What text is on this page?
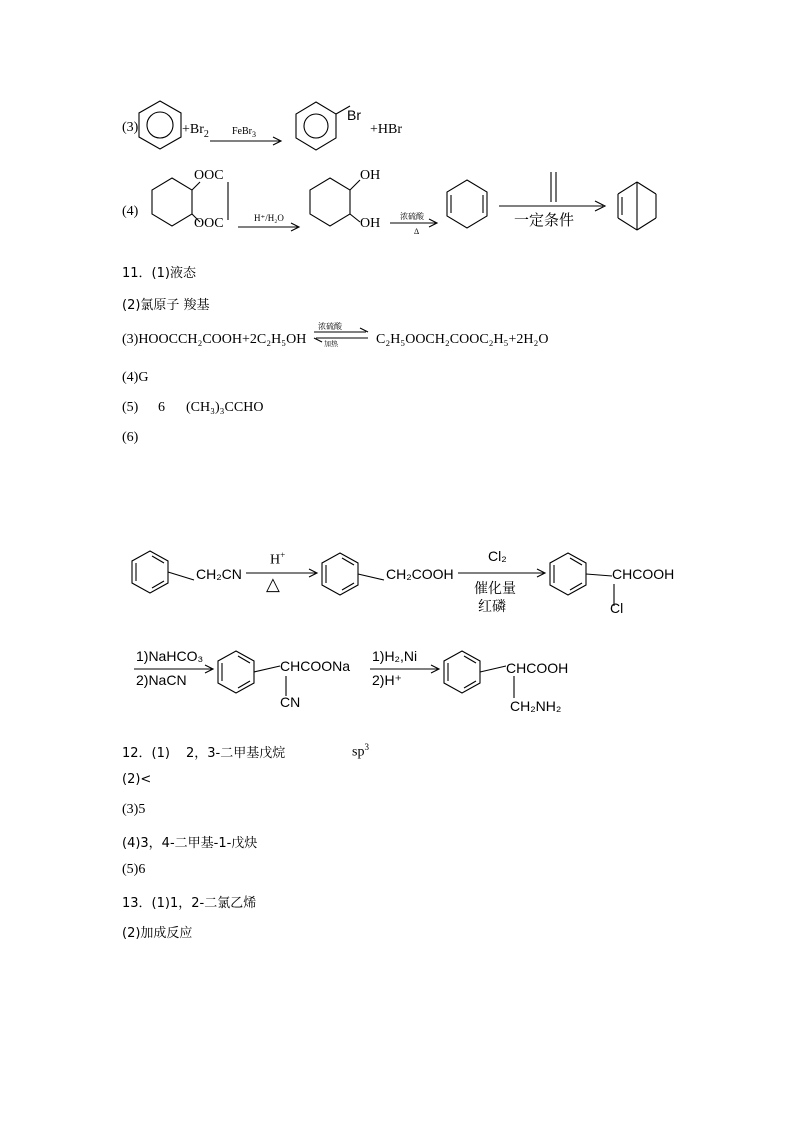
(3)	$+Br_2$ FeBr$_3$
Br
+HBr
(4)
OOC
OOC	H⁺/H₂O
OH
OH 浓硫酸
Δ
一定条件
11．(1)液态
(2)氯原子 羧基
(3)HOOCCH₂COOH+2C₂H₅OH
浓硫酸
加热 ⇌ C₂H₅OOCH₂COOC₂H₅+2H₂O
(4)G
(5) 6 (CH₃)₃CCHO
(6)
CH₂CN
H+
△	CH₂COOH
Cl₂
催化量
红磷
CHCOOH
Cl
1)NaHCO₃
2)NaCN
CHCOONa
CN
1)H₂,Ni
2)H⁺
CHCOOH
CH₂NH₂
12．(1) 2，3-二甲基戊烷	$sp^3$
(2)<
(3)5
(4)3，4-二甲基-1-戊炔
(5)6
13．(1)1，2-二氯乙烯
(2)加成反应
